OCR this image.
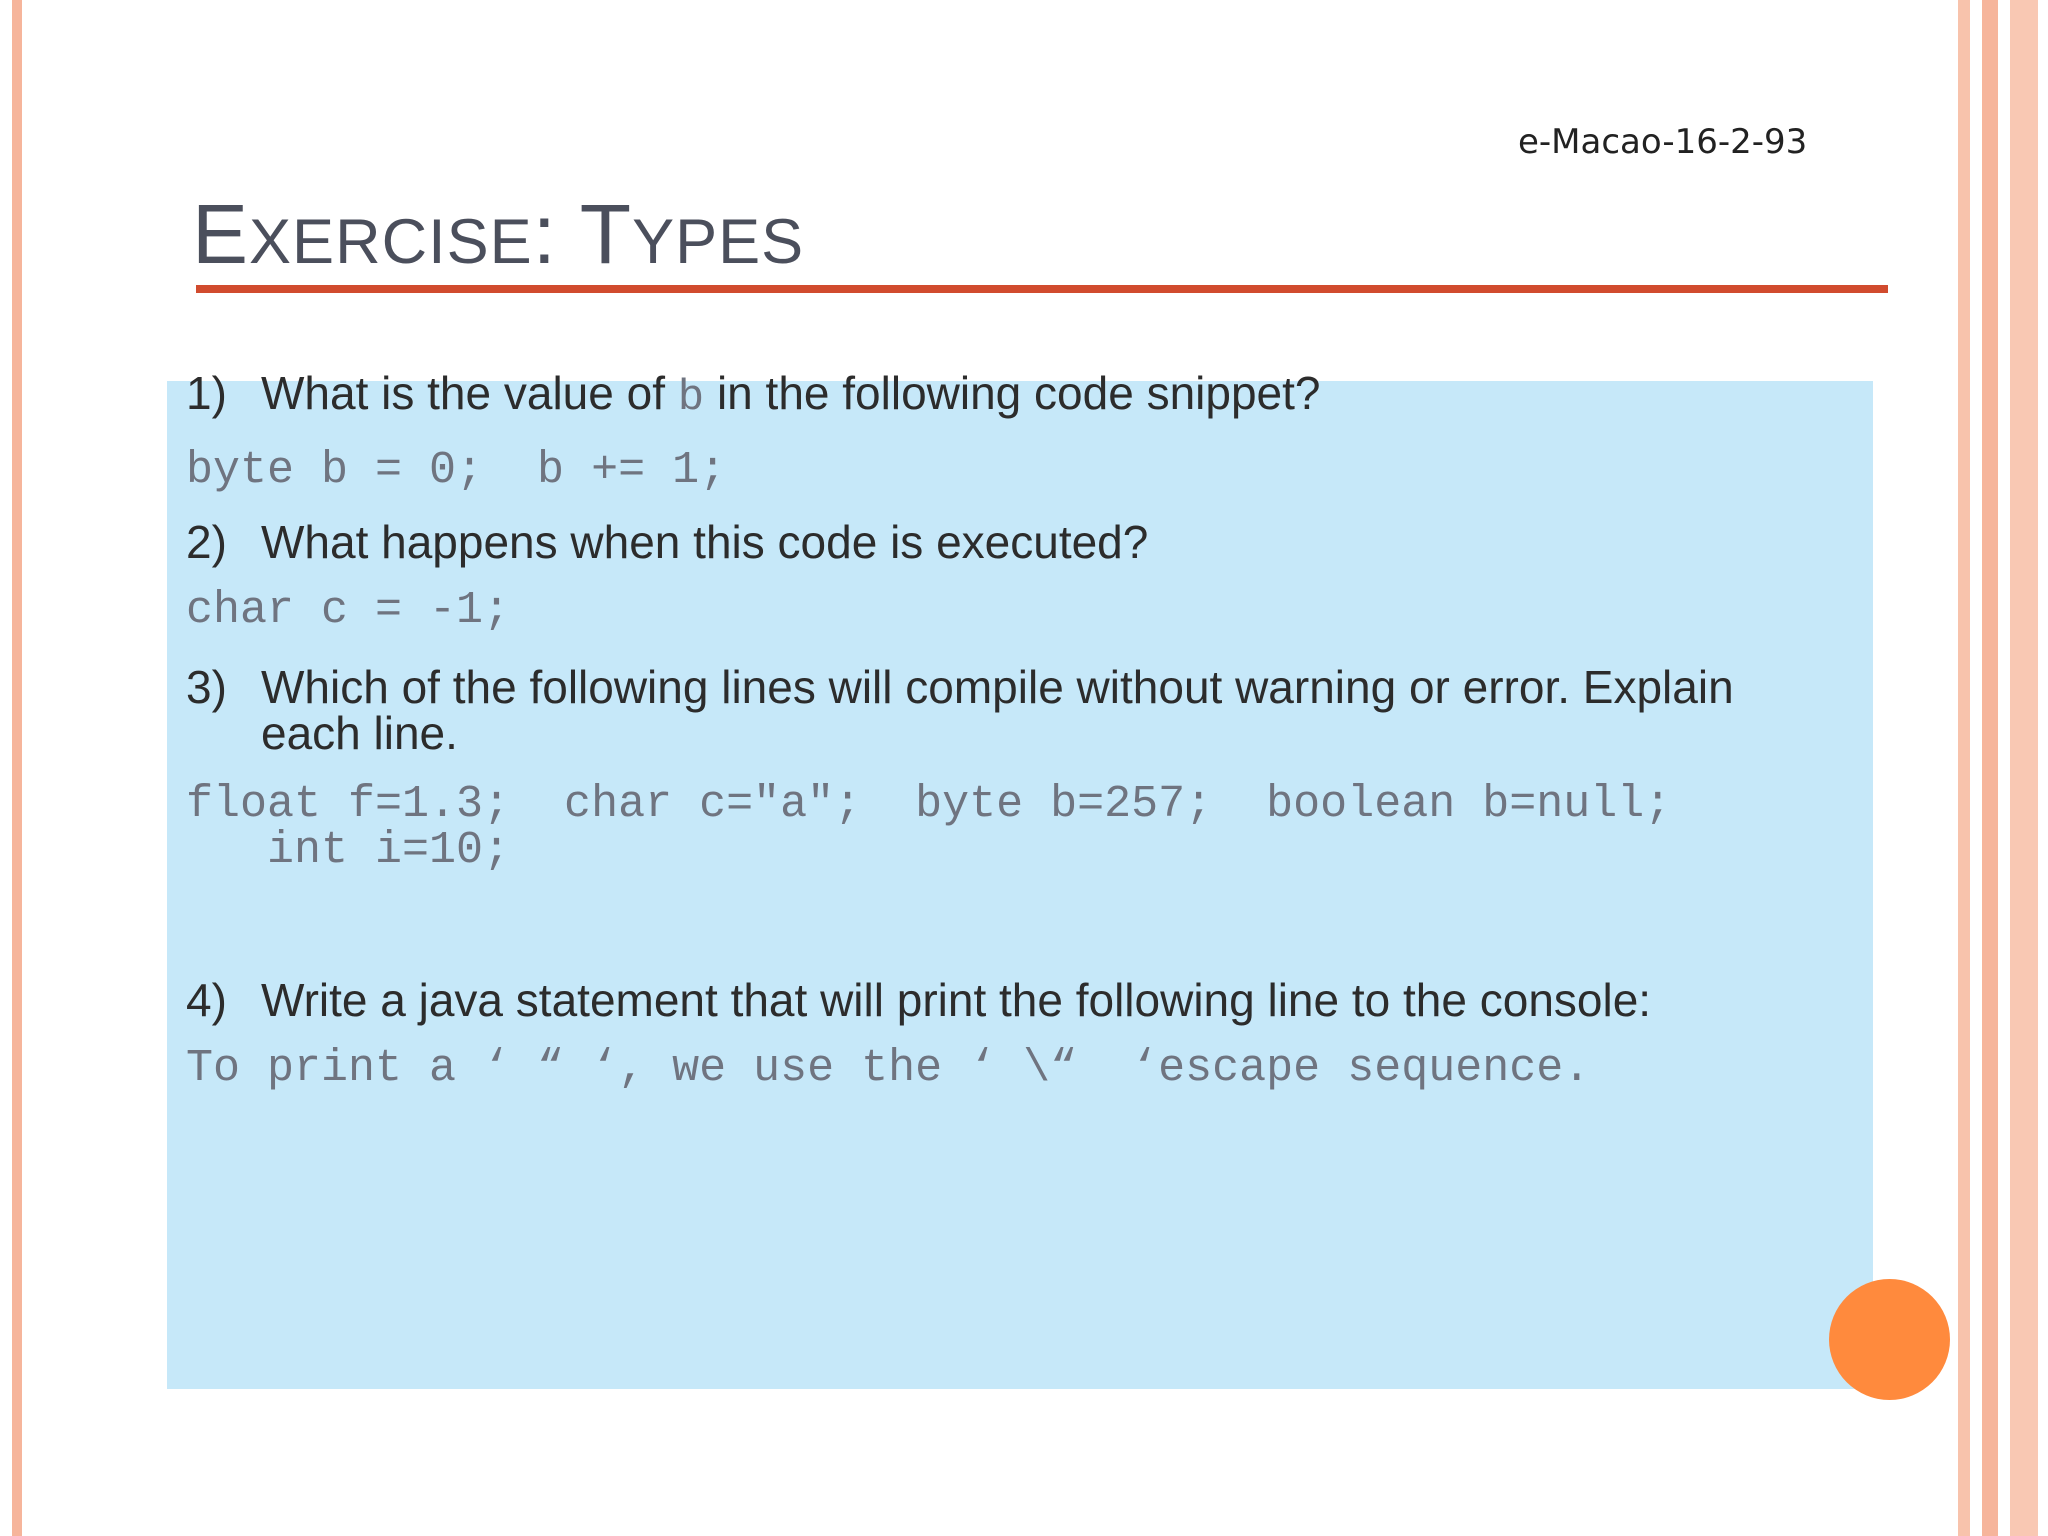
e-Macao-16-2-93
EXERCISE: TYPES
1) What is the value of b in the following code snippet?
byte b = 0;  b += 1;
2) What happens when this code is executed?
char c = -1;
3) Which of the following lines will compile without warning or error. Explain
each line.
float f=1.3;  char c="a";  byte b=257;  boolean b=null;
int i=10;
4) Write a java statement that will print the following line to the console:
To print a ‘ “ ‘, we use the ‘ \“  ‘escape sequence.
